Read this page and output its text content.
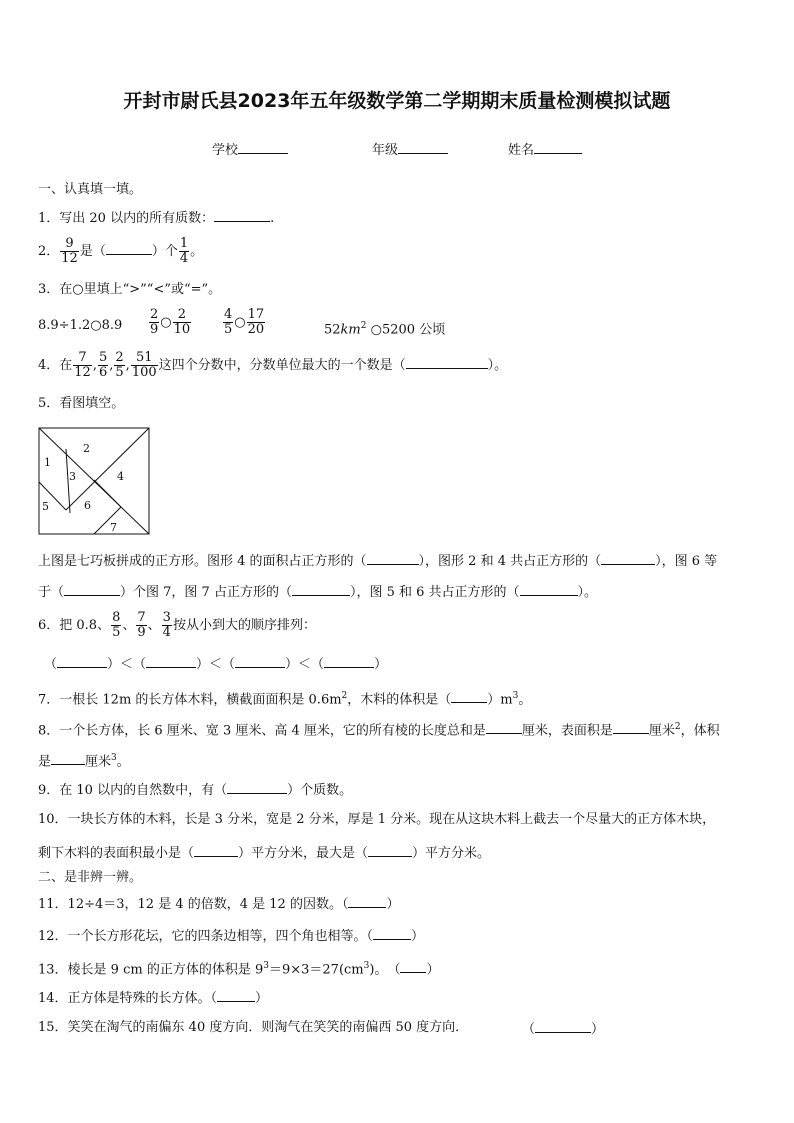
开封市尉氏县2023年五年级数学第二学期期末质量检测模拟试题
学校	年级	姓名
一、认真填一填。
1．写出 20 以内的所有质数：	.
2． $\frac{9}{12}$ 是（	）个 $\frac{1}{4}$ 。
3．在○里填上“>”“<”或“=”。
8.9÷1.2○8.9 $\frac{2}{9}$ ○ $\frac{2}{10} \frac{4}{5}$ ○ $\frac{17}{20}$	$52km^2$ ○5200 公顷
4．在 $\frac{7}{12}$ , $\frac{5}{6}$ , $\frac{2}{5}$ , $\frac{51}{100}$ 这四个分数中，分数单位最大的一个数是（	）。
5．看图填空。
1
2
3	4
5	6
7
上图是七巧板拼成的正方形。图形 4 的面积占正方形的（	），图形 2 和 4 共占正方形的（	），图 6 等
于（	）个图 7，图 7 占正方形的（	），图 5 和 6 共占正方形的（	）。
6．把 0.8、 $\frac{8}{5}$ 、 $\frac{7}{9}$ 、 $\frac{3}{4}$ 按从小到大的顺序排列：
（	）＜（	）＜（	）＜（	）
7．一根长 12m 的长方体木料，横截面面积是 $0.6m^2$，木料的体积是（	）$m^3$。
8．一个长方体，长 6 厘米、宽 3 厘米、高 4 厘米，它的所有棱的长度总和是	厘米，表面积是	厘米$^2$，体积
是	厘米$^3$。
9．在 10 以内的自然数中，有（	）个质数。
10．一块长方体的木料，长是 3 分米，宽是 2 分米，厚是 1 分米。现在从这块木料上截去一个尽量大的正方体木块，
剩下木料的表面积最小是（	）平方分米，最大是（	）平方分米。
二、是非辨一辨。
11．12÷4＝3，12 是 4 的倍数，4 是 12 的因数。（	）
12．一个长方形花坛，它的四条边相等，四个角也相等。（	）
13．棱长是 9 cm 的正方体的体积是 $9^3=9\times 3=27(cm^3)$。　（ ）
14．正方体是特殊的长方体。（	）
15．笑笑在淘气的南偏东 40 度方向．则淘气在笑笑的南偏西 50 度方向．	（	）
